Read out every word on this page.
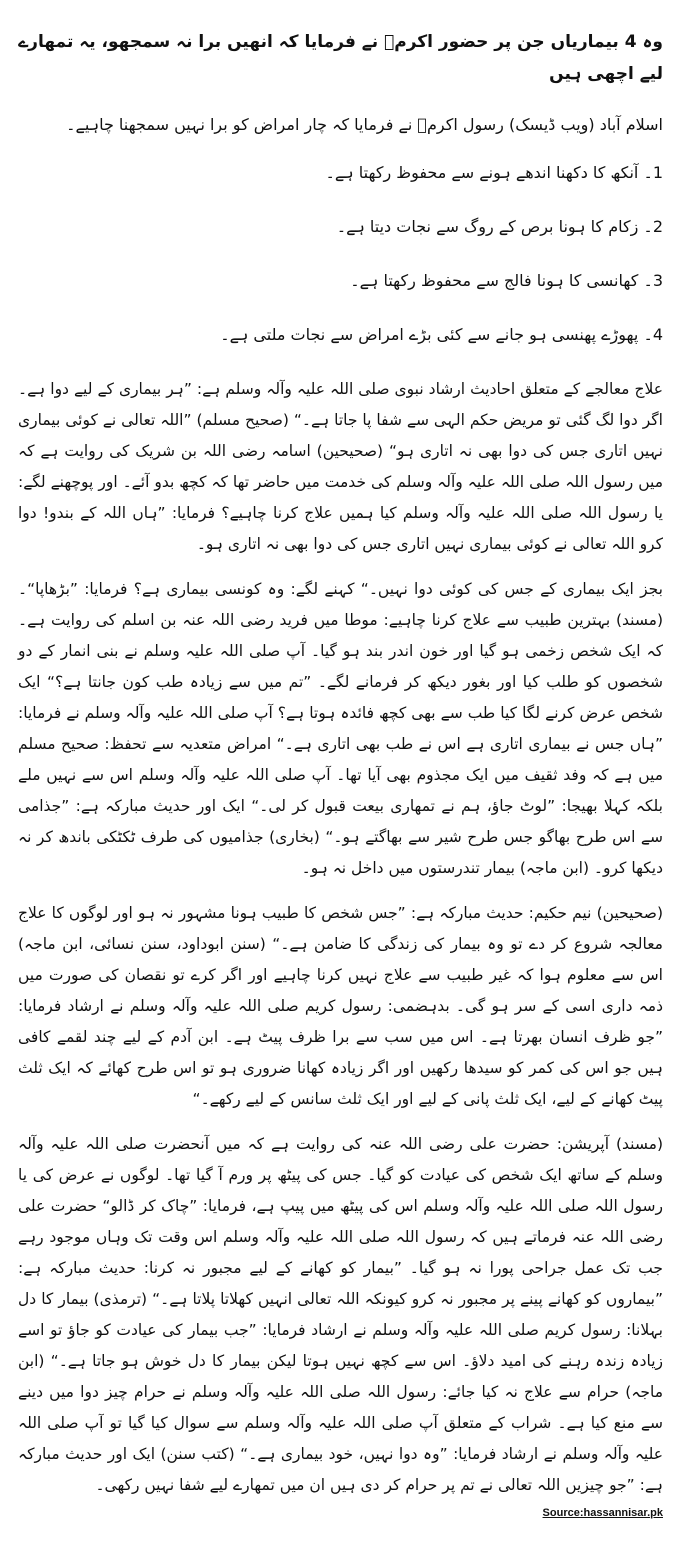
وہ 4 بیماریاں جن پر حضور اکرمؐ نے فرمایا کہ انھیں برا نہ سمجھو، یہ تمھارے لیے اچھی ہیں

اسلام آباد (ویب ڈیسک) رسول اکرمؐ نے فرمایا کہ چار امراض کو برا نہیں سمجھنا چاہیے۔

1۔ آنکھ کا دکھنا اندھے ہونے سے محفوظ رکھتا ہے۔
2۔ زکام کا ہونا برص کے روگ سے نجات دیتا ہے۔
3۔ کھانسی کا ہونا فالج سے محفوظ رکھتا ہے۔
4۔ پھوڑے پھنسی ہو جانے سے کئی بڑے امراض سے نجات ملتی ہے۔

علاج معالجے کے متعلق احادیث ارشاد نبوی صلی اللہ علیہ وآلہ وسلم ہے: ”ہر بیماری کے لیے دوا ہے۔ اگر دوا لگ گئی تو مریض حکم الہی سے شفا پا جاتا ہے۔“ (صحیح مسلم) ”اللہ تعالی نے کوئی بیماری نہیں اتاری جس کی دوا بھی نہ اتاری ہو“ (صحیحین) اسامہ رضی اللہ بن شریک کی روایت ہے کہ میں رسول اللہ صلی اللہ علیہ وآلہ وسلم کی خدمت میں حاضر تھا کہ کچھ بدو آئے۔ اور پوچھنے لگے: یا رسول اللہ صلی اللہ علیہ وآلہ وسلم کیا ہمیں علاج کرنا چاہیے؟ فرمایا: ”ہاں اللہ کے بندو! دوا کرو اللہ تعالی نے کوئی بیماری نہیں اتاری جس کی دوا بھی نہ اتاری ہو۔

بجز ایک بیماری کے جس کی کوئی دوا نہیں۔“ کہنے لگے: وہ کونسی بیماری ہے؟ فرمایا: ”بڑھاپا“۔ (مسند) بہترین طبیب سے علاج کرنا چاہیے: موطا میں فرید رضی اللہ عنہ بن اسلم کی روایت ہے۔ کہ ایک شخص زخمی ہو گیا اور خون اندر بند ہو گیا۔ آپ صلی اللہ علیہ وسلم نے بنی انمار کے دو شخصوں کو طلب کیا اور بغور دیکھ کر فرمانے لگے۔ ”تم میں سے زیادہ طب کون جانتا ہے؟“ ایک شخص عرض کرنے لگا کیا طب سے بھی کچھ فائدہ ہوتا ہے؟ آپ صلی اللہ علیہ وآلہ وسلم نے فرمایا: ”ہاں جس نے بیماری اتاری ہے اس نے طب بھی اتاری ہے۔“ امراض متعدیہ سے تحفظ: صحیح مسلم میں ہے کہ وفد ثقیف میں ایک مجذوم بھی آیا تھا۔ آپ صلی اللہ علیہ وآلہ وسلم اس سے نہیں ملے بلکہ کہلا بھیجا: ”لوٹ جاؤ، ہم نے تمھاری بیعت قبول کر لی۔“ ایک اور حدیث مبارکہ ہے: ”جذامی سے اس طرح بھاگو جس طرح شیر سے بھاگتے ہو۔“ (بخاری) جذامیوں کی طرف ٹکٹکی باندھ کر نہ دیکھا کرو۔ (ابن ماجہ) بیمار تندرستوں میں داخل نہ ہو۔

(صحیحین) نیم حکیم: حدیث مبارکہ ہے: ”جس شخص کا طبیب ہونا مشہور نہ ہو اور لوگوں کا علاج معالجہ شروع کر دے تو وہ بیمار کی زندگی کا ضامن ہے۔“ (سنن ابوداود، سنن نسائی، ابن ماجہ) اس سے معلوم ہوا کہ غیر طبیب سے علاج نہیں کرنا چاہیے اور اگر کرے تو نقصان کی صورت میں ذمہ داری اسی کے سر ہو گی۔ بدہضمی: رسول کریم صلی اللہ علیہ وآلہ وسلم نے ارشاد فرمایا: ”جو ظرف انسان بھرتا ہے۔ اس میں سب سے برا ظرف پیٹ ہے۔ ابن آدم کے لیے چند لقمے کافی ہیں جو اس کی کمر کو سیدھا رکھیں اور اگر زیادہ کھانا ضروری ہو تو اس طرح کھائے کہ ایک ثلث پیٹ کھانے کے لیے، ایک ثلث پانی کے لیے اور ایک ثلث سانس کے لیے رکھے۔“

(مسند) آپریشن: حضرت علی رضی اللہ عنہ کی روایت ہے کہ میں آنحضرت صلی اللہ علیہ وآلہ وسلم کے ساتھ ایک شخص کی عیادت کو گیا۔ جس کی پیٹھ پر ورم آ گیا تھا۔ لوگوں نے عرض کی یا رسول اللہ صلی اللہ علیہ وآلہ وسلم اس کی پیٹھ میں پیپ ہے، فرمایا: ”چاک کر ڈالو“ حضرت علی رضی اللہ عنہ فرماتے ہیں کہ رسول اللہ صلی اللہ علیہ وآلہ وسلم اس وقت تک وہاں موجود رہے جب تک عمل جراحی پورا نہ ہو گیا۔ ”بیمار کو کھانے کے لیے مجبور نہ کرنا: حدیث مبارکہ ہے: ”بیماروں کو کھانے پینے پر مجبور نہ کرو کیونکہ اللہ تعالی انہیں کھلاتا پلاتا ہے۔“ (ترمذی) بیمار کا دل بہلانا: رسول کریم صلی اللہ علیہ وآلہ وسلم نے ارشاد فرمایا: ”جب بیمار کی عیادت کو جاؤ تو اسے زیادہ زندہ رہنے کی امید دلاؤ۔ اس سے کچھ نہیں ہوتا لیکن بیمار کا دل خوش ہو جاتا ہے۔“ (ابن ماجہ) حرام سے علاج نہ کیا جائے: رسول اللہ صلی اللہ علیہ وآلہ وسلم نے حرام چیز دوا میں دینے سے منع کیا ہے۔ شراب کے متعلق آپ صلی اللہ علیہ وآلہ وسلم سے سوال کیا گیا تو آپ صلی اللہ علیہ وآلہ وسلم نے ارشاد فرمایا: ”وہ دوا نہیں، خود بیماری ہے۔“ (کتب سنن) ایک اور حدیث مبارکہ ہے: ”جو چیزیں اللہ تعالی نے تم پر حرام کر دی ہیں ان میں تمھارے لیے شفا نہیں رکھی۔

Source:hassannisar.pk
